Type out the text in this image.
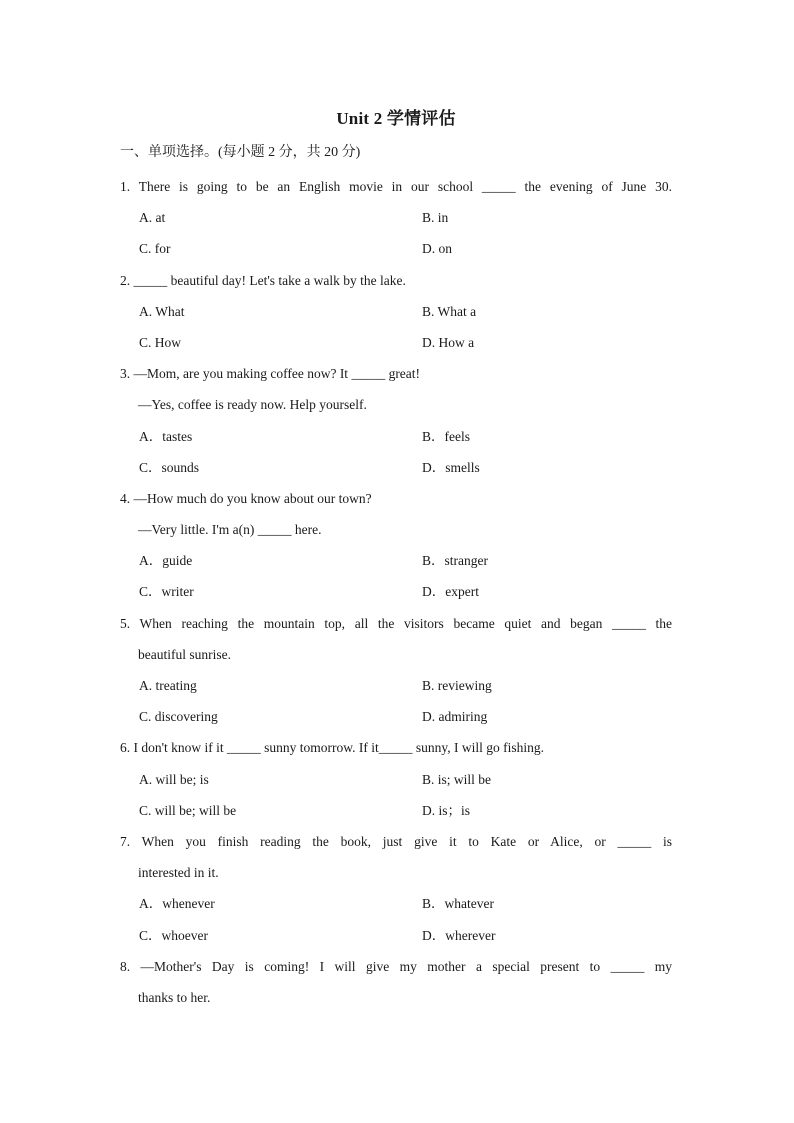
Unit 2 学情评估
一、单项选择。(每小题 2 分，共 20 分)
1. There is going to be an English movie in our school _____ the evening of June 30.
A. at	B. in
C. for	D. on
2. _____ beautiful day! Let's take a walk by the lake.
A. What	B. What a
C. How	D. How a
3. —Mom, are you making coffee now? It _____ great!
—Yes, coffee is ready now. Help yourself.
A．tastes	B．feels
C．sounds	D．smells
4. —How much do you know about our town?
—Very little. I'm a(n) _____ here.
A．guide	B．stranger
C．writer	D．expert
5. When reaching the mountain top, all the visitors became quiet and began _____ the
beautiful sunrise.
A. treating	B. reviewing
C. discovering	D. admiring
6. I don't know if it _____ sunny tomorrow. If it_____ sunny, I will go fishing.
A. will be; is	B. is; will be
C. will be; will be	D. is；is
7. When you finish reading the book, just give it to Kate or Alice, or _____ is
interested in it.
A．whenever	B．whatever
C．whoever	D．wherever
8. —Mother's Day is coming! I will give my mother a special present to _____ my
thanks to her.
